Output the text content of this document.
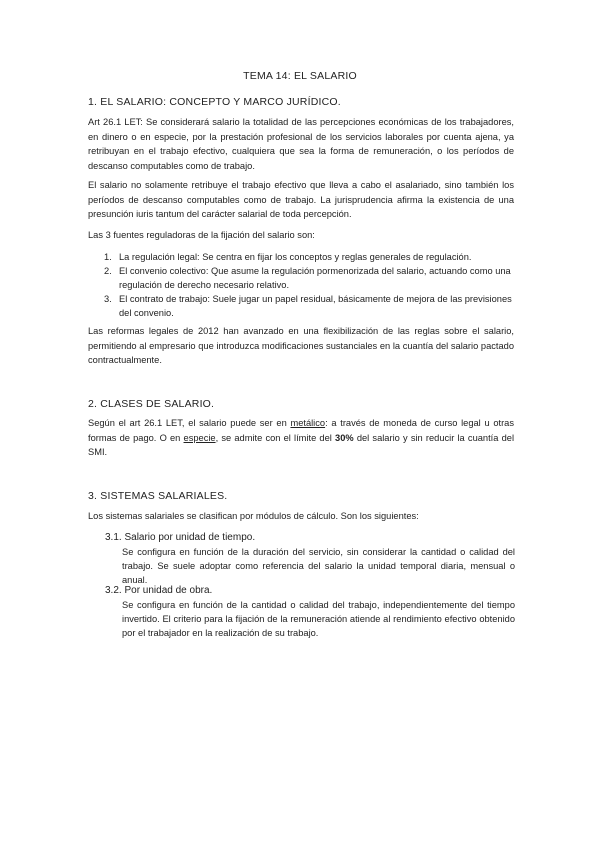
TEMA 14: EL SALARIO
1. EL SALARIO: CONCEPTO Y MARCO JURÍDICO.

Art 26.1 LET: Se considerará salario la totalidad de las percepciones económicas de los trabajadores, en dinero o en especie, por la prestación profesional de los servicios laborales por cuenta ajena, ya retribuyan en el trabajo efectivo, cualquiera que sea la forma de remuneración, o los períodos de descanso computables como de trabajo.

El salario no solamente retribuye el trabajo efectivo que lleva a cabo el asalariado, sino también los períodos de descanso computables como de trabajo. La jurisprudencia afirma la existencia de una presunción iuris tantum del carácter salarial de toda percepción.

Las 3 fuentes reguladoras de la fijación del salario son:

1. La regulación legal: Se centra en fijar los conceptos y reglas generales de regulación.
2. El convenio colectivo: Que asume la regulación pormenorizada del salario, actuando como una regulación de derecho necesario relativo.
3. El contrato de trabajo: Suele jugar un papel residual, básicamente de mejora de las previsiones del convenio.

Las reformas legales de 2012 han avanzado en una flexibilización de las reglas sobre el salario, permitiendo al empresario que introduzca modificaciones sustanciales en la cuantía del salario pactado contractualmente.

2. CLASES DE SALARIO.

Según el art 26.1 LET, el salario puede ser en metálico: a través de moneda de curso legal u otras formas de pago. O en especie, se admite con el límite del 30% del salario y sin reducir la cuantía del SMI.

3. SISTEMAS SALARIALES.

Los sistemas salariales se clasifican por módulos de cálculo. Son los siguientes:

3.1. Salario por unidad de tiempo.
Se configura en función de la duración del servicio, sin considerar la cantidad o calidad del trabajo. Se suele adoptar como referencia del salario la unidad temporal diaria, mensual o anual.
3.2. Por unidad de obra.
Se configura en función de la cantidad o calidad del trabajo, independientemente del tiempo invertido. El criterio para la fijación de la remuneración atiende al rendimiento efectivo obtenido por el trabajador en la realización de su trabajo.
